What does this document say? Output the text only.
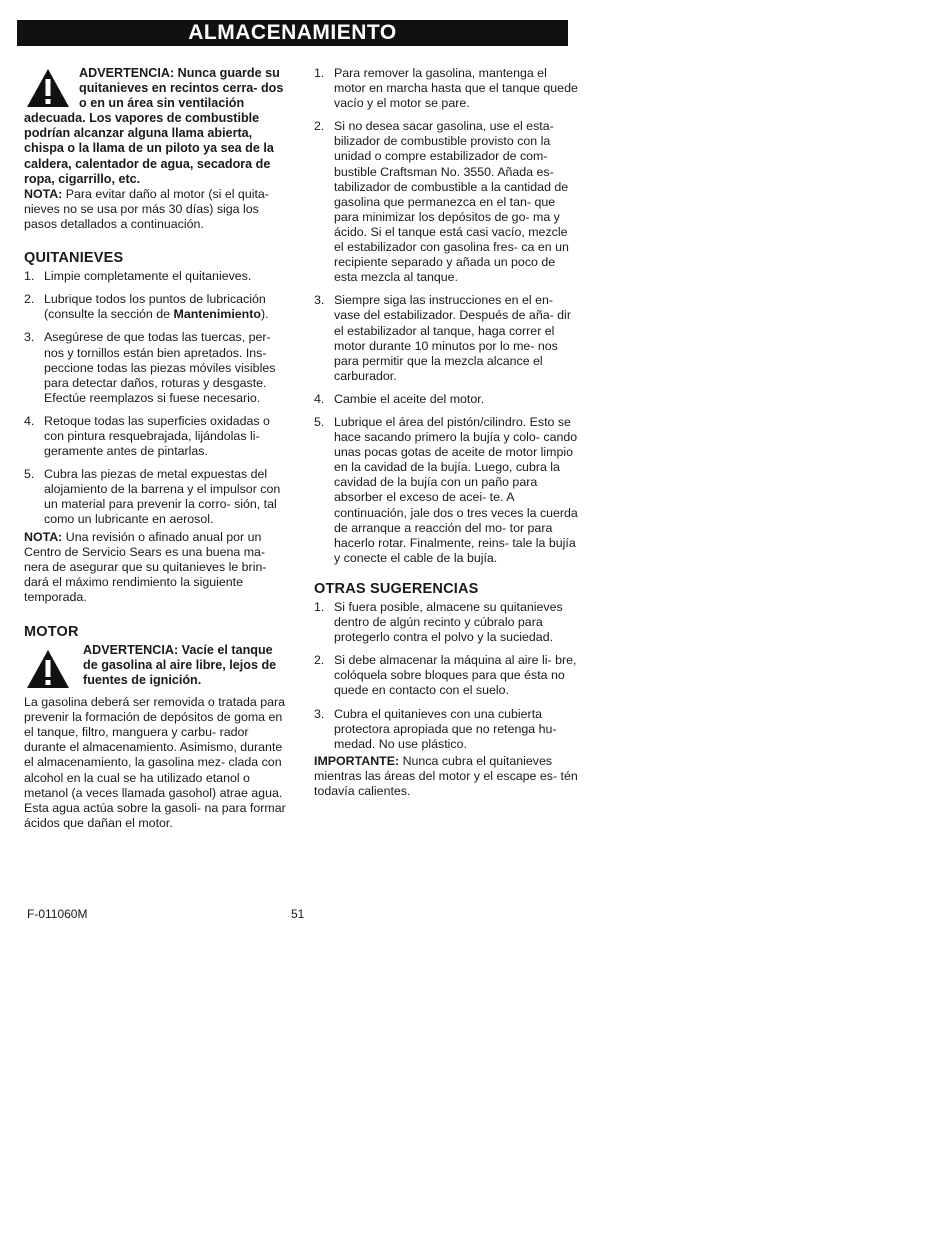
ALMACENAMIENTO
ADVERTENCIA: Nunca guarde su quitanieves en recintos cerra- dos o en un área sin ventilación
adecuada. Los vapores de combustible podrían alcanzar alguna llama abierta, chispa o la llama de un piloto ya sea de la caldera, calentador de agua, secadora de ropa, cigarrillo, etc.

NOTA: Para evitar daño al motor (si el quita- nieves no se usa por más 30 días) siga los pasos detallados a continuación.

QUITANIEVES
1. Limpie completamente el quitanieves.
2. Lubrique todos los puntos de lubricación (consulte la sección de Mantenimiento).
3. Asegúrese de que todas las tuercas, per- nos y tornillos están bien apretados. Ins- peccione todas las piezas móviles visibles para detectar daños, roturas y desgaste. Efectúe reemplazos si fuese necesario.
4. Retoque todas las superficies oxidadas o con pintura resquebrajada, lijándolas li- geramente antes de pintarlas.
5. Cubra las piezas de metal expuestas del alojamiento de la barrena y el impulsor con un material para prevenir la corro- sión, tal como un lubricante en aerosol.

NOTA: Una revisión o afinado anual por un Centro de Servicio Sears es una buena ma- nera de asegurar que su quitanieves le brin- dará el máximo rendimiento la siguiente temporada.

MOTOR
ADVERTENCIA: Vacíe el tanque de gasolina al aire libre, lejos de fuentes de ignición.

La gasolina deberá ser removida o tratada para prevenir la formación de depósitos de goma en el tanque, filtro, manguera y carbu- rador durante el almacenamiento. Asimismo, durante el almacenamiento, la gasolina mez- clada con alcohol en la cual se ha utilizado etanol o metanol (a veces llamada gasohol) atrae agua. Esta agua actúa sobre la gasoli- na para formar ácidos que dañan el motor.

1. Para remover la gasolina, mantenga el motor en marcha hasta que el tanque quede vacío y el motor se pare.
2. Si no desea sacar gasolina, use el esta- bilizador de combustible provisto con la unidad o compre estabilizador de com- bustible Craftsman No. 3550. Añada es- tabilizador de combustible a la cantidad de gasolina que permanezca en el tan- que para minimizar los depósitos de go- ma y ácido. Si el tanque está casi vacío, mezcle el estabilizador con gasolina fres- ca en un recipiente separado y añada un poco de esta mezcla al tanque.
3. Siempre siga las instrucciones en el en- vase del estabilizador. Después de aña- dir el estabilizador al tanque, haga correr el motor durante 10 minutos por lo me- nos para permitir que la mezcla alcance el carburador.
4. Cambie el aceite del motor.
5. Lubrique el área del pistón/cilindro. Esto se hace sacando primero la bujía y colo- cando unas pocas gotas de aceite de motor limpio en la cavidad de la bujía. Luego, cubra la cavidad de la bujía con un paño para absorber el exceso de acei- te. A continuación, jale dos o tres veces la cuerda de arranque a reacción del mo- tor para hacerlo rotar. Finalmente, reins- tale la bujía y conecte el cable de la bujía.
OTRAS SUGERENCIAS
1. Si fuera posible, almacene su quitanieves dentro de algún recinto y cúbralo para protegerlo contra el polvo y la suciedad.
2. Si debe almacenar la máquina al aire li- bre, colóquela sobre bloques para que ésta no quede en contacto con el suelo.
3. Cubra el quitanieves con una cubierta protectora apropiada que no retenga hu- medad. No use plástico.

IMPORTANTE: Nunca cubra el quitanieves mientras las áreas del motor y el escape es- tén todavía calientes.

F-011060M	51
